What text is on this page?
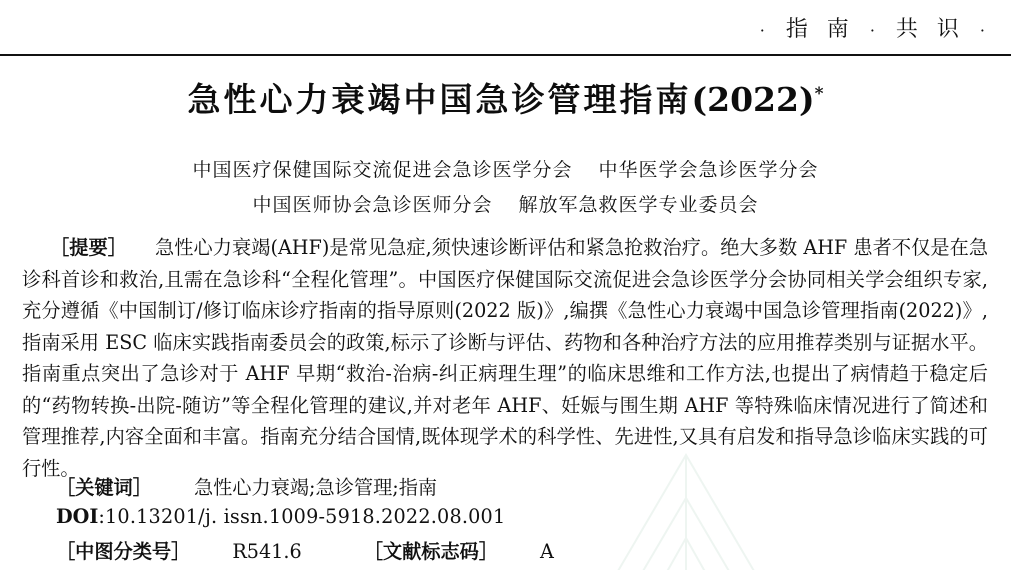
· 指 南 · 共 识 ·
急性心力衰竭中国急诊管理指南(2022)*
中国医疗保健国际交流促进会急诊医学分会 中华医学会急诊医学分会
中国医师协会急诊医师分会 解放军急救医学专业委员会
［提要］ 急性心力衰竭(AHF)是常见急症,须快速诊断评估和紧急抢救治疗。绝大多数 AHF 患者不仅是在急诊科首诊和救治,且需在急诊科“全程化管理”。中国医疗保健国际交流促进会急诊医学分会协同相关学会组织专家,充分遵循《中国制订/修订临床诊疗指南的指导原则(2022 版)》,编撰《急性心力衰竭中国急诊管理指南(2022)》,指南采用 ESC 临床实践指南委员会的政策,标示了诊断与评估、药物和各种治疗方法的应用推荐类别与证据水平。指南重点突出了急诊对于 AHF 早期“救治-治病-纠正病理生理”的临床思维和工作方法,也提出了病情趋于稳定后的“药物转换-出院-随访”等全程化管理的建议,并对老年 AHF、妊娠与围生期 AHF 等特殊临床情况进行了简述和管理推荐,内容全面和丰富。指南充分结合国情,既体现学术的科学性、先进性,又具有启发和指导急诊临床实践的可行性。
［关键词］ 急性心力衰竭;急诊管理;指南
DOI:10.13201/j. issn.1009-5918.2022.08.001
［中图分类号］ R541.6	［文献标志码］ A
